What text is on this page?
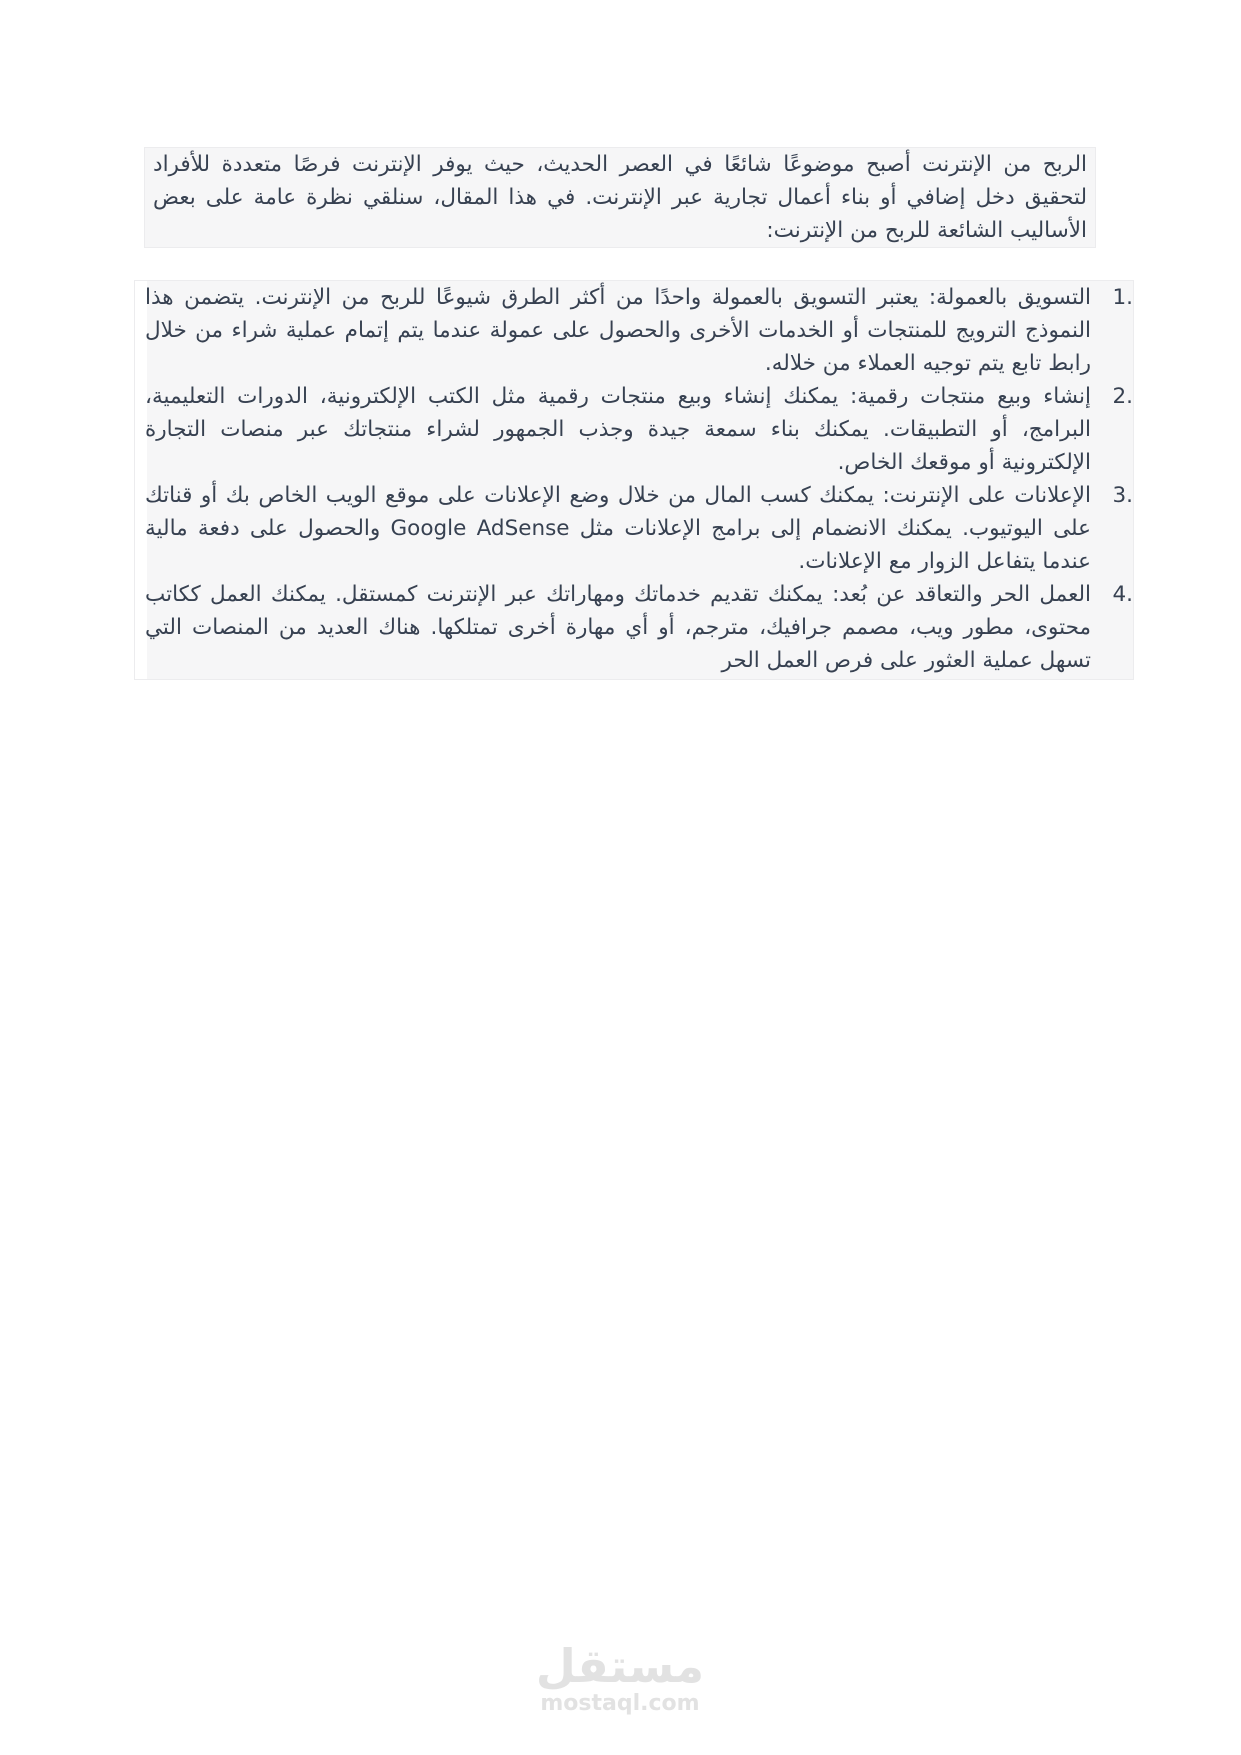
الربح من الإنترنت أصبح موضوعًا شائعًا في العصر الحديث، حيث يوفر الإنترنت فرصًا متعددة للأفراد لتحقيق دخل إضافي أو بناء أعمال تجارية عبر الإنترنت. في هذا المقال، سنلقي نظرة عامة على بعض الأساليب الشائعة للربح من الإنترنت:

1.
التسويق بالعمولة: يعتبر التسويق بالعمولة واحدًا من أكثر الطرق شيوعًا للربح من الإنترنت. يتضمن هذا النموذج الترويج للمنتجات أو الخدمات الأخرى والحصول على عمولة عندما يتم إتمام عملية شراء من خلال رابط تابع يتم توجيه العملاء من خلاله.
2.
إنشاء وبيع منتجات رقمية: يمكنك إنشاء وبيع منتجات رقمية مثل الكتب الإلكترونية، الدورات التعليمية، البرامج، أو التطبيقات. يمكنك بناء سمعة جيدة وجذب الجمهور لشراء منتجاتك عبر منصات التجارة الإلكترونية أو موقعك الخاص.
3.
الإعلانات على الإنترنت: يمكنك كسب المال من خلال وضع الإعلانات على موقع الويب الخاص بك أو قناتك على اليوتيوب. يمكنك الانضمام إلى برامج الإعلانات مثل Google AdSense والحصول على دفعة مالية عندما يتفاعل الزوار مع الإعلانات.
4.
العمل الحر والتعاقد عن بُعد: يمكنك تقديم خدماتك ومهاراتك عبر الإنترنت كمستقل. يمكنك العمل ككاتب محتوى، مطور ويب، مصمم جرافيك، مترجم، أو أي مهارة أخرى تمتلكها. هناك العديد من المنصات التي تسهل عملية العثور على فرص العمل الحر
مستقل
mostaql.com
